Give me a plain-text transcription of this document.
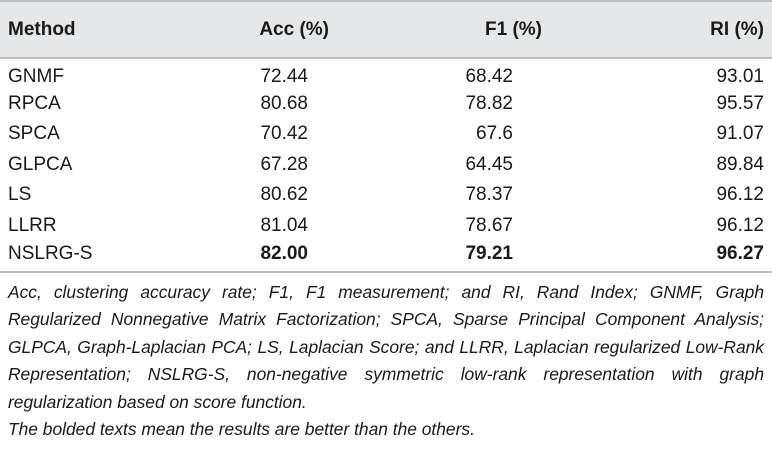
Method	Acc (%)	F1 (%)	RI (%)
GNMF	72.44	68.42	93.01
RPCA	80.68	78.82	95.57
SPCA	70.42	67.6	91.07
GLPCA	67.28	64.45	89.84
LS	80.62	78.37	96.12
LLRR	81.04	78.67	96.12
NSLRG-S	82.00	79.21	96.27

Acc, clustering accuracy rate; F1, F1 measurement; and RI, Rand Index; GNMF, Graph Regularized Nonnegative Matrix Factorization; SPCA, Sparse Principal Component Analysis; GLPCA, Graph-Laplacian PCA; LS, Laplacian Score; and LLRR, Laplacian regularized Low-Rank Representation; NSLRG-S, non-negative symmetric low-rank representation with graph regularization based on score function.

The bolded texts mean the results are better than the others.
